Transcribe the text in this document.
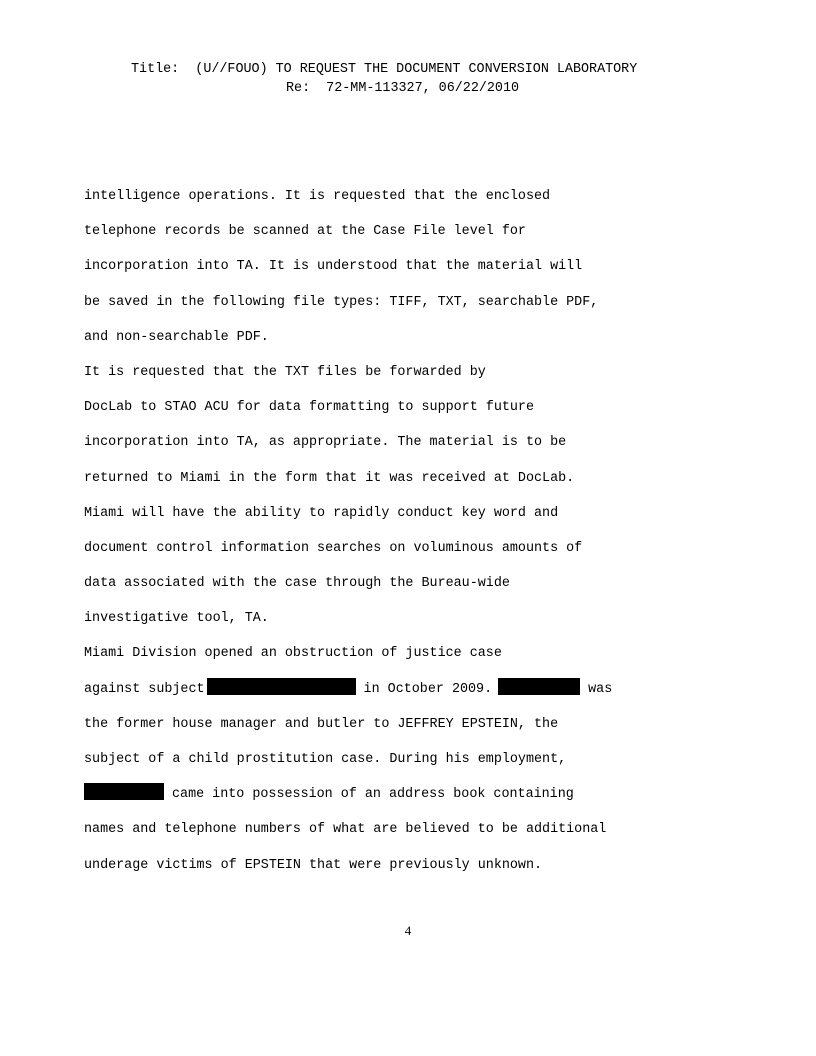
Title:  (U//FOUO) TO REQUEST THE DOCUMENT CONVERSION LABORATORY
Re:  72-MM-113327, 06/22/2010
intelligence operations. It is requested that the enclosed
telephone records be scanned at the Case File level for
incorporation into TA. It is understood that the material will
be saved in the following file types: TIFF, TXT, searchable PDF,
and non-searchable PDF.
It is requested that the TXT files be forwarded by
DocLab to STAO ACU for data formatting to support future
incorporation into TA, as appropriate. The material is to be
returned to Miami in the form that it was received at DocLab.
Miami will have the ability to rapidly conduct key word and
document control information searches on voluminous amounts of
data associated with the case through the Bureau-wide
investigative tool, TA.
Miami Division opened an obstruction of justice case
against subject	in October 2009.	was
the former house manager and butler to JEFFREY EPSTEIN, the
subject of a child prostitution case. During his employment,
came into possession of an address book containing
names and telephone numbers of what are believed to be additional
underage victims of EPSTEIN that were previously unknown.
4
